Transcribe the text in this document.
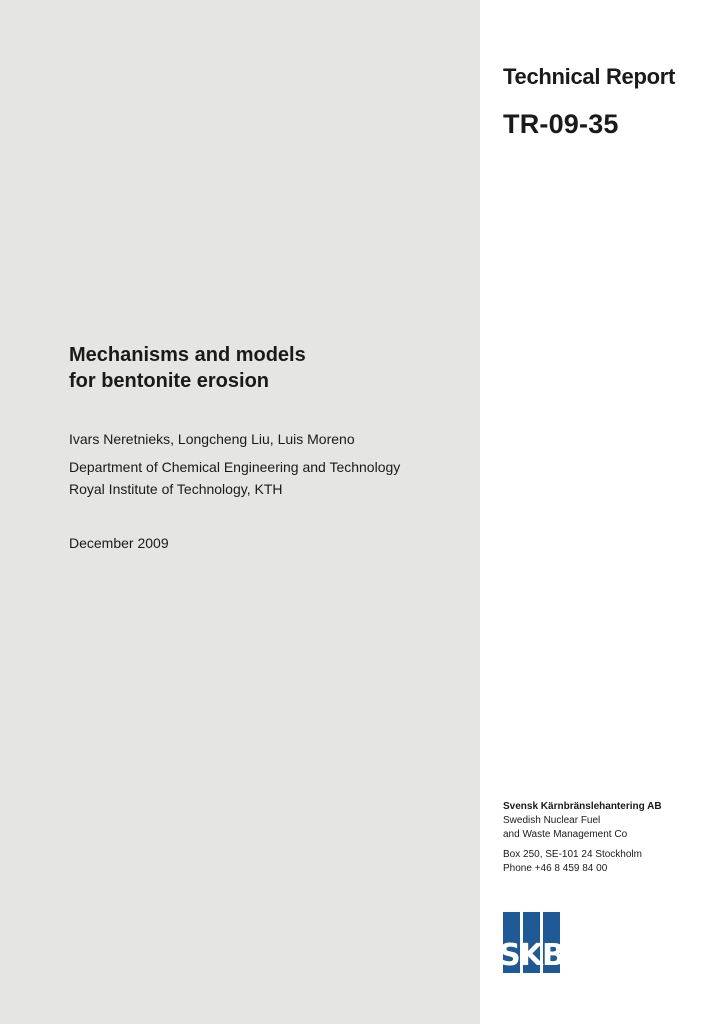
Technical Report
TR-09-35
Mechanisms and models
for bentonite erosion
Ivars Neretnieks, Longcheng Liu, Luis Moreno
Department of Chemical Engineering and Technology
Royal Institute of Technology, KTH
December 2009
Svensk Kärnbränslehantering AB
Swedish Nuclear Fuel
and Waste Management Co
Box 250, SE-101 24 Stockholm
Phone +46 8 459 84 00
SKB
